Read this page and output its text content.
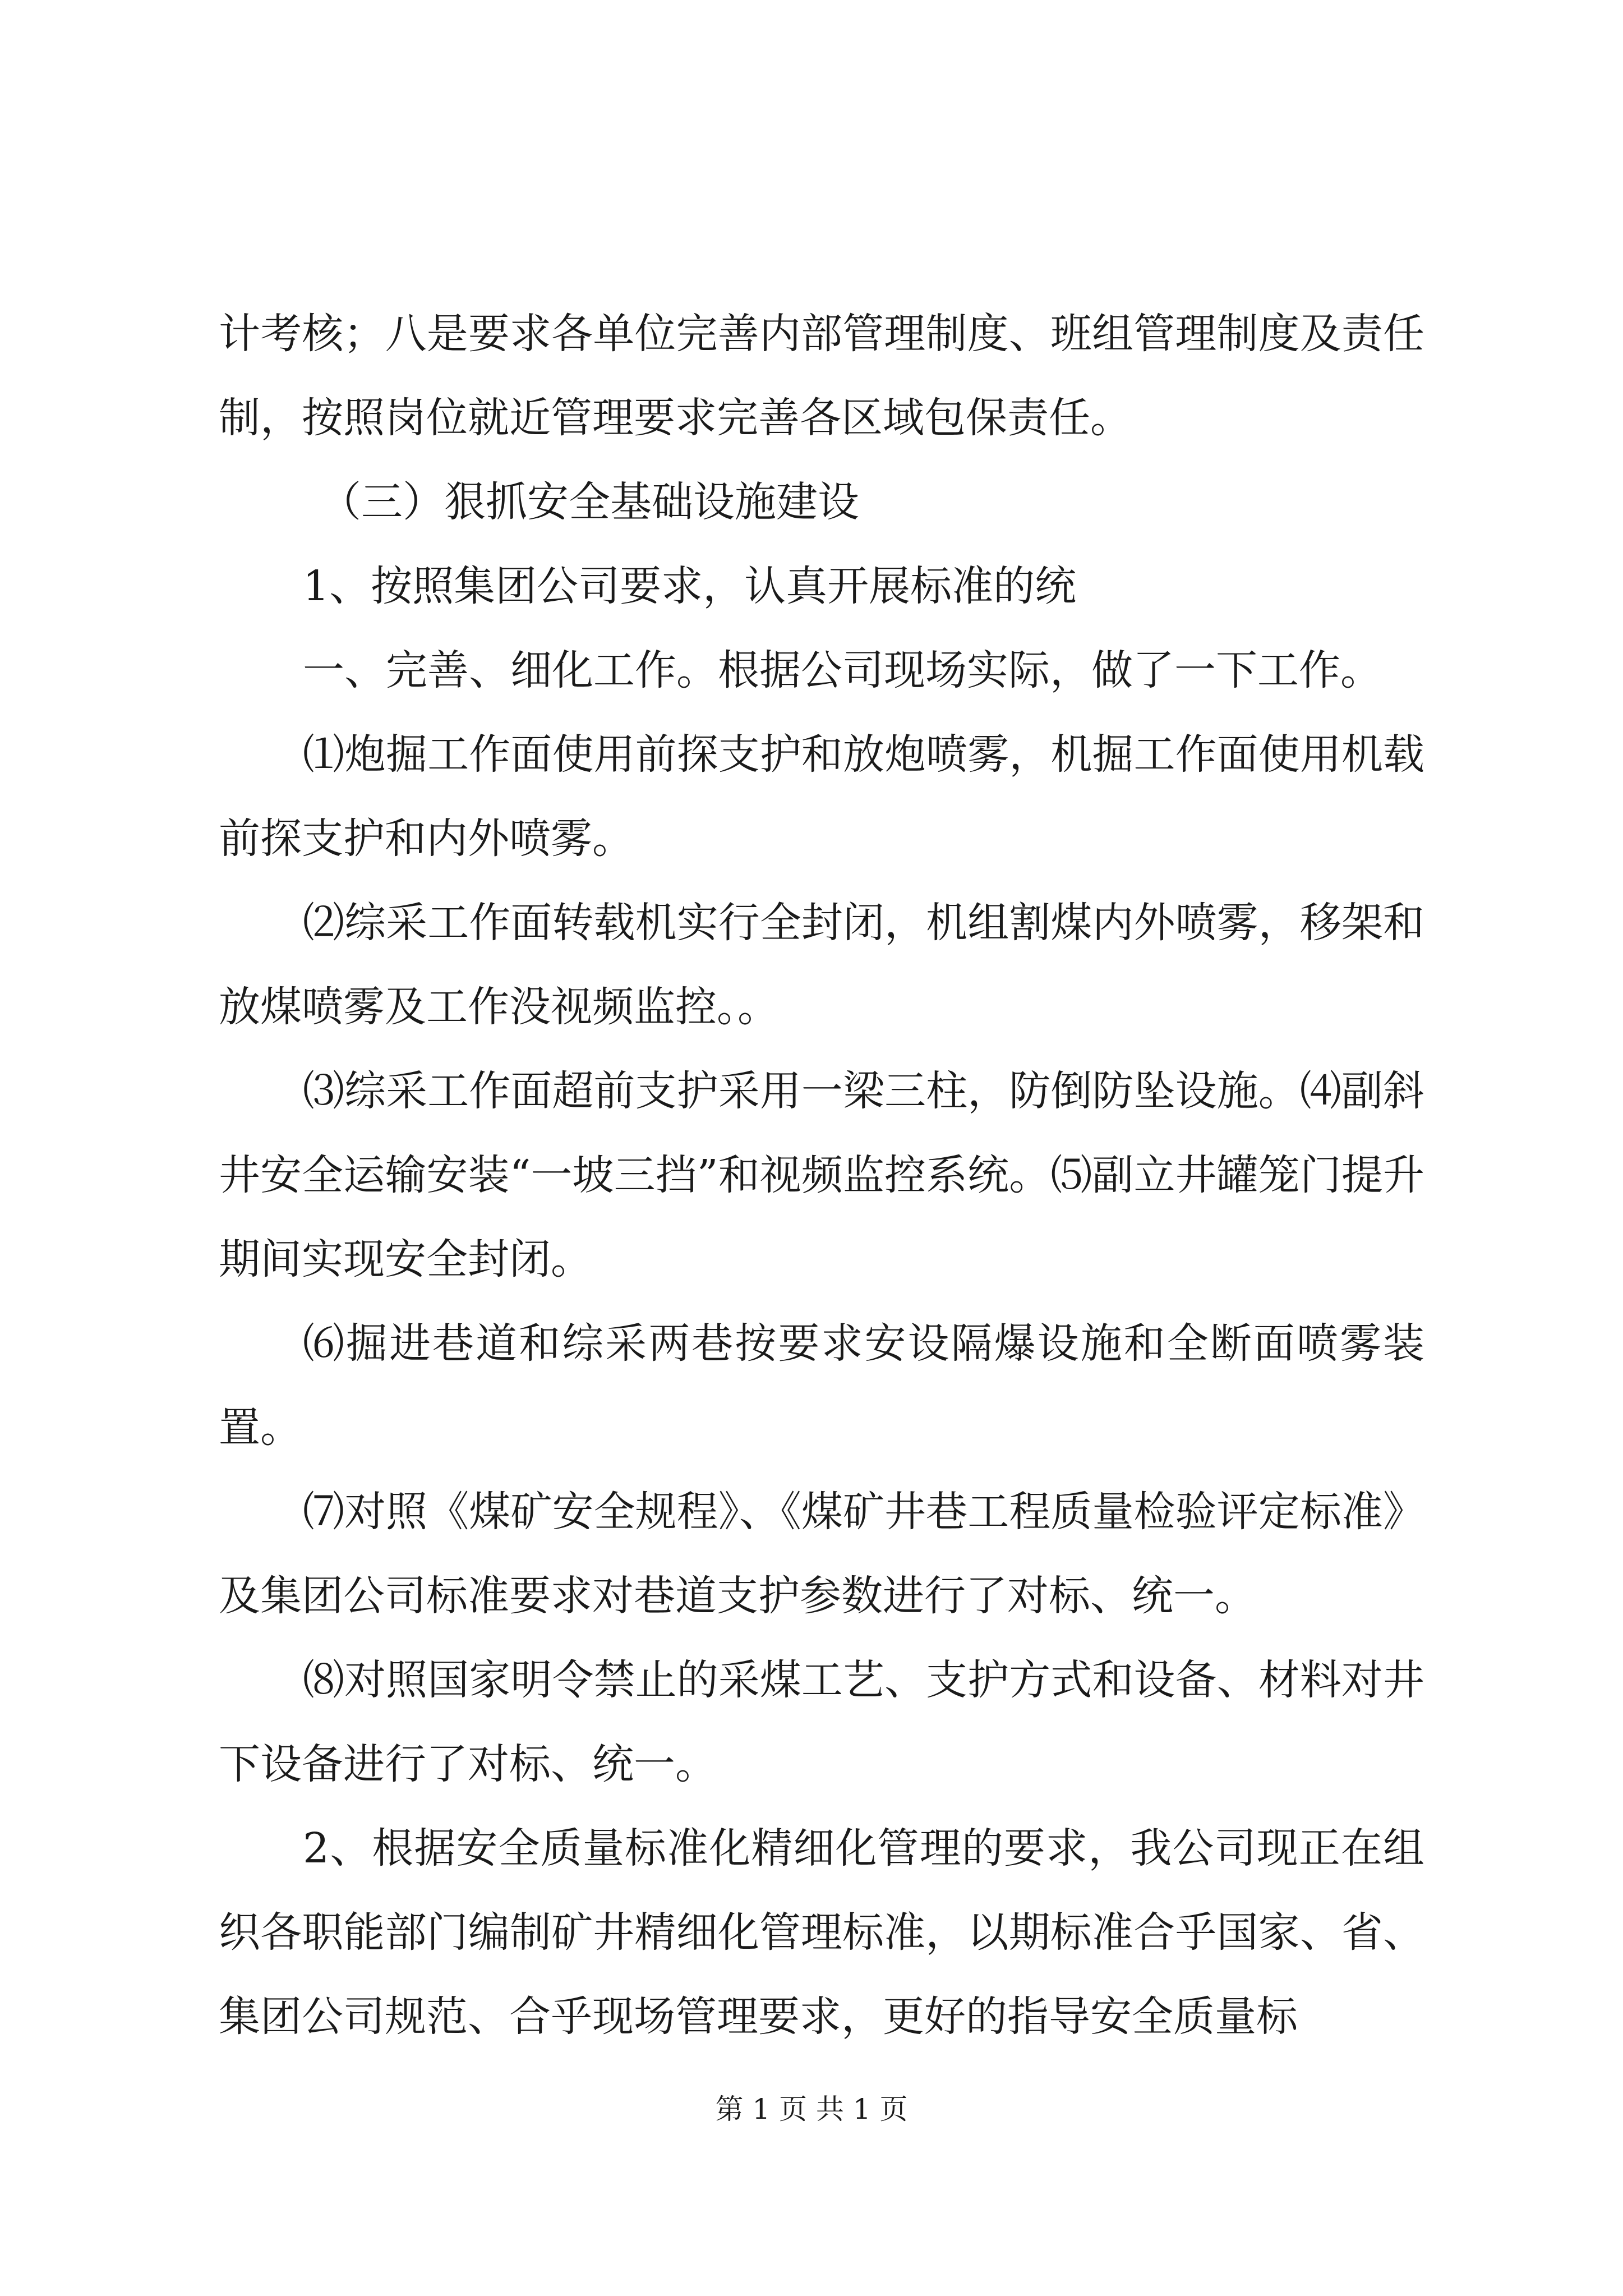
计考核；八是要求各单位完善内部管理制度、班组管理制度及责任制，按照岗位就近管理要求完善各区域包保责任。

（三）狠抓安全基础设施建设

1、按照集团公司要求，认真开展标准的统

一、完善、细化工作。根据公司现场实际，做了一下工作。

⑴炮掘工作面使用前探支护和放炮喷雾，机掘工作面使用机载前探支护和内外喷雾。

⑵综采工作面转载机实行全封闭，机组割煤内外喷雾，移架和放煤喷雾及工作没视频监控。。

⑶综采工作面超前支护采用一梁三柱，防倒防坠设施。⑷副斜井安全运输安装“一坡三挡”和视频监控系统。⑸副立井罐笼门提升期间实现安全封闭。

⑹掘进巷道和综采两巷按要求安设隔爆设施和全断面喷雾装置。

⑺对照《煤矿安全规程》、《煤矿井巷工程质量检验评定标准》及集团公司标准要求对巷道支护参数进行了对标、统一。

⑻对照国家明令禁止的采煤工艺、支护方式和设备、材料对井下设备进行了对标、统一。

2、根据安全质量标准化精细化管理的要求，我公司现正在组织各职能部门编制矿井精细化管理标准，以期标准合乎国家、省、集团公司规范、合乎现场管理要求，更好的指导安全质量标

第 1 页 共 1 页
